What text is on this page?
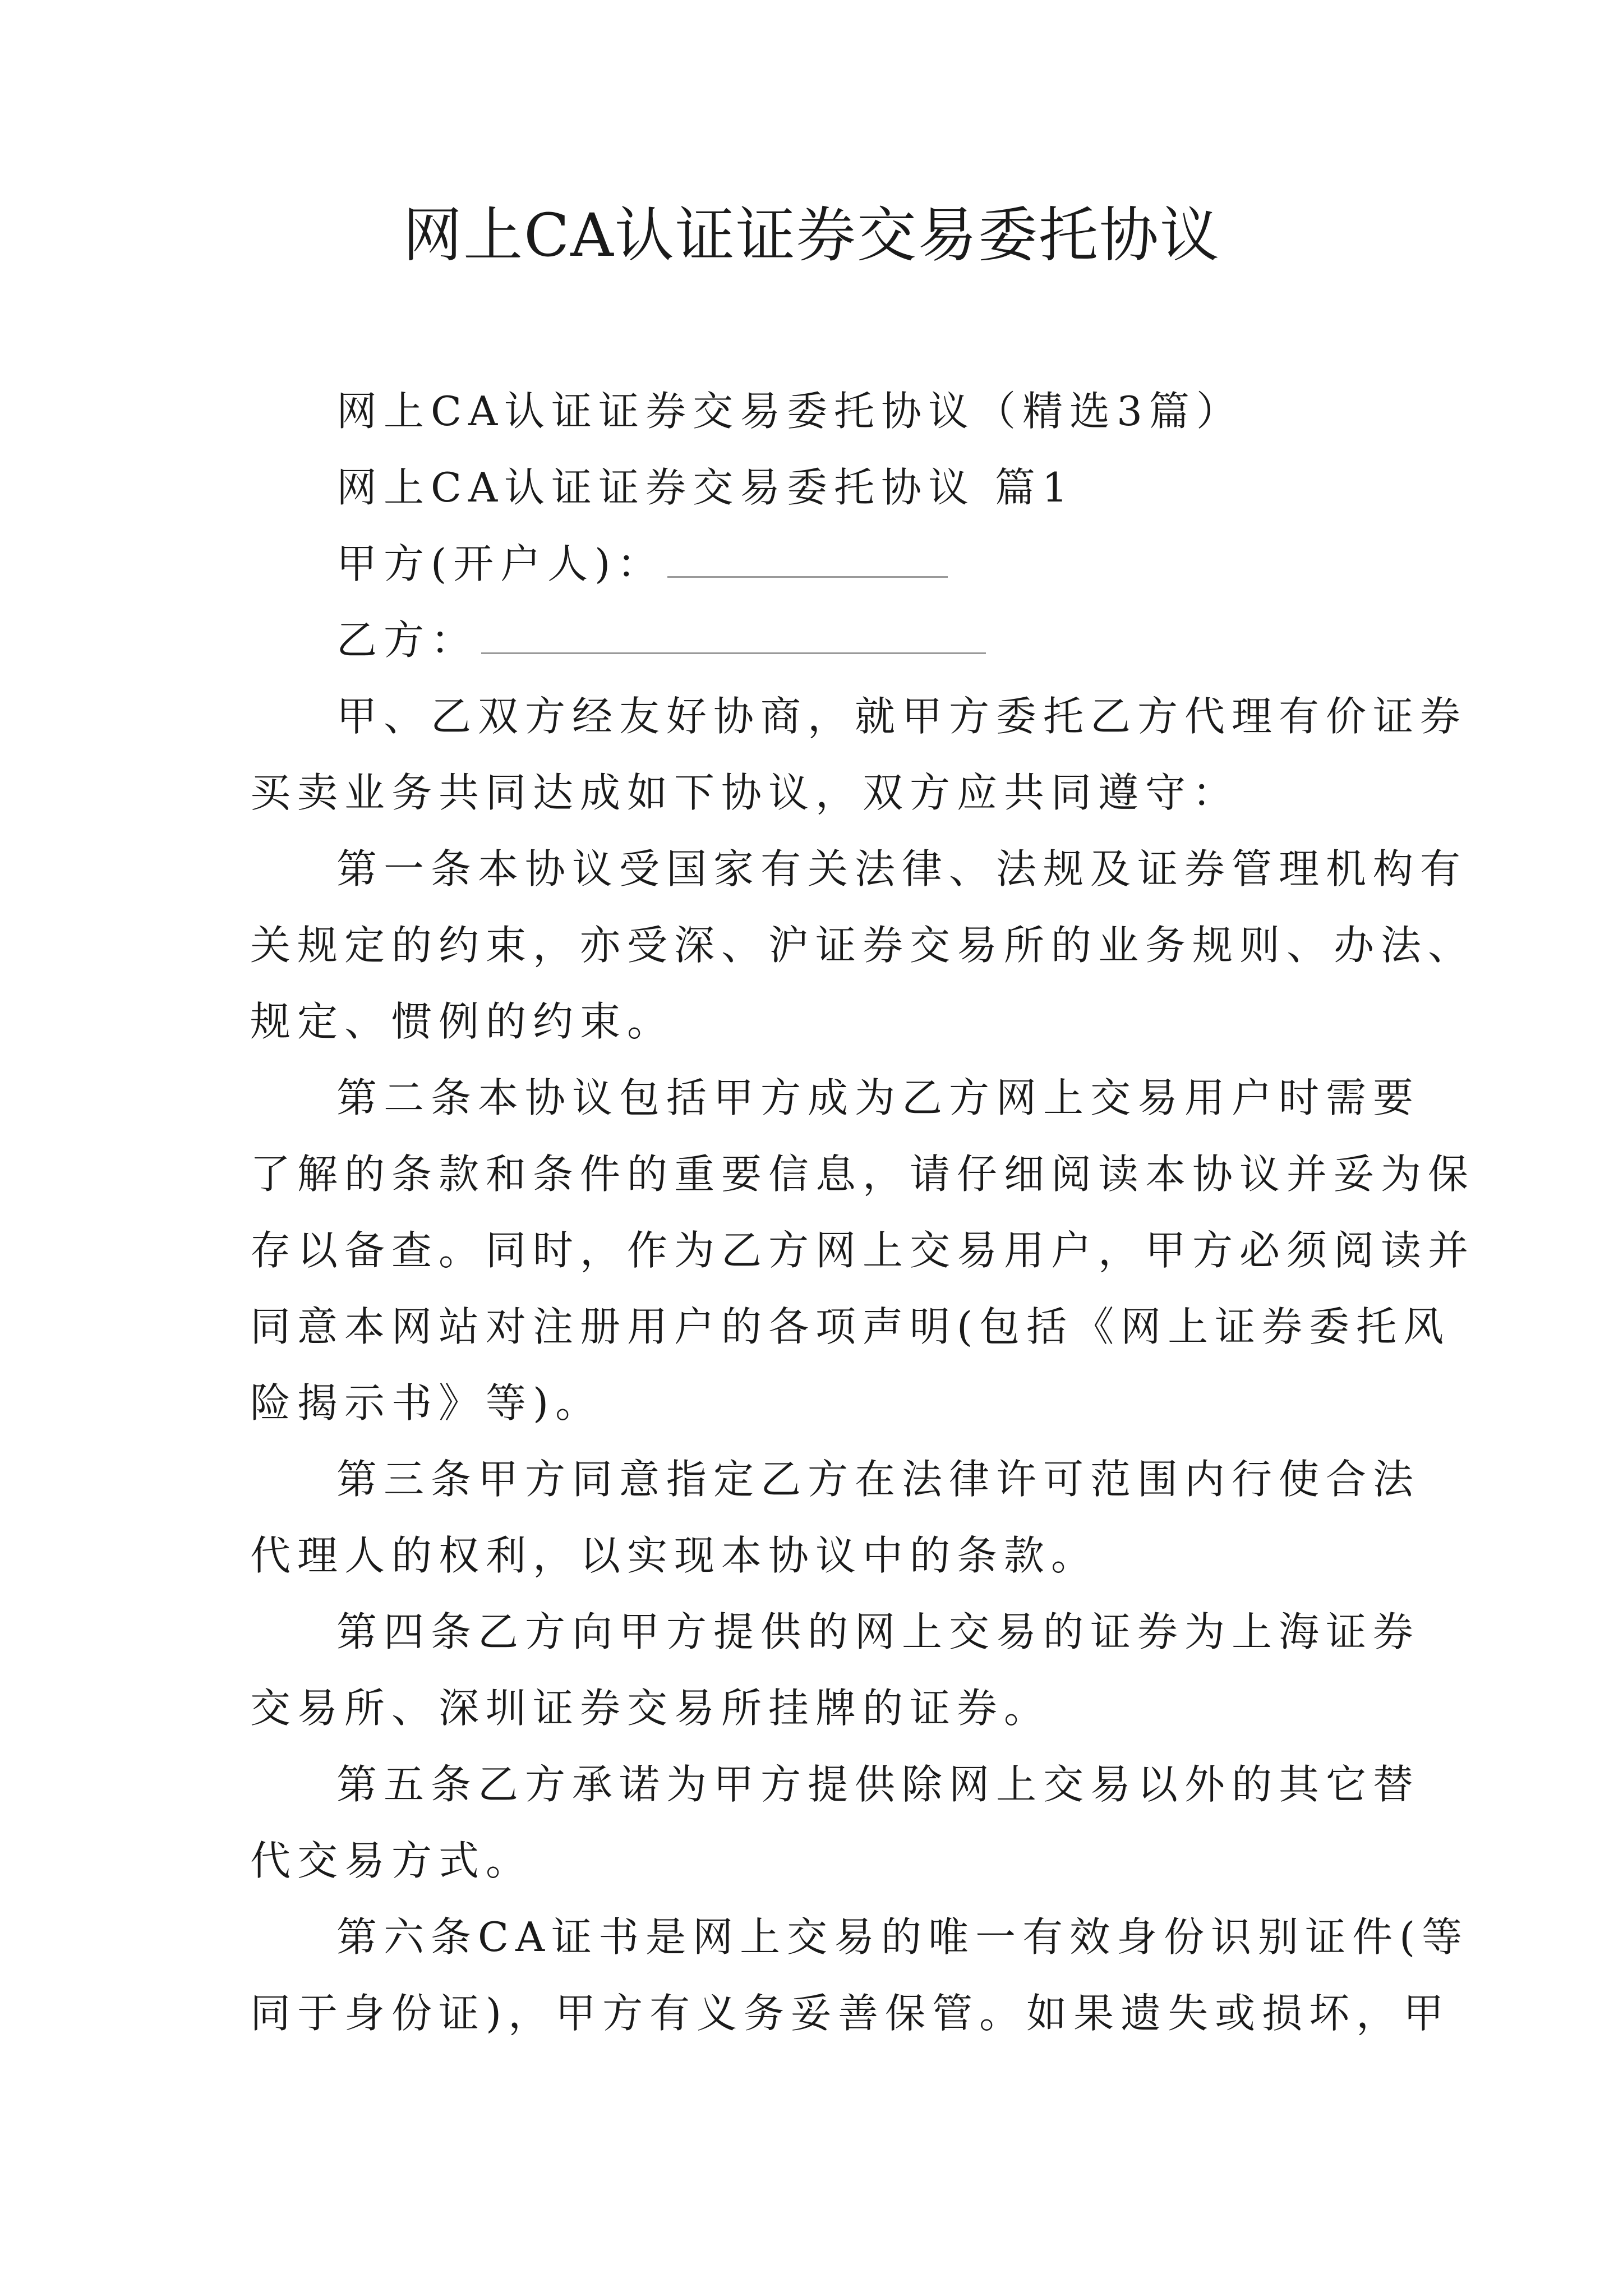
网上CA认证证券交易委托协议

网上CA认证证券交易委托协议（精选3篇）

网上CA认证证券交易委托协议 篇1

甲方(开户人)：

乙方：

甲、乙双方经友好协商，就甲方委托乙方代理有价证券

买卖业务共同达成如下协议，双方应共同遵守：

第一条本协议受国家有关法律、法规及证券管理机构有

关规定的约束，亦受深、沪证券交易所的业务规则、办法、

规定、惯例的约束。

第二条本协议包括甲方成为乙方网上交易用户时需要

了解的条款和条件的重要信息，请仔细阅读本协议并妥为保

存以备查。同时，作为乙方网上交易用户，甲方必须阅读并

同意本网站对注册用户的各项声明(包括《网上证券委托风

险揭示书》等)。

第三条甲方同意指定乙方在法律许可范围内行使合法

代理人的权利，以实现本协议中的条款。

第四条乙方向甲方提供的网上交易的证券为上海证券

交易所、深圳证券交易所挂牌的证券。

第五条乙方承诺为甲方提供除网上交易以外的其它替

代交易方式。

第六条CA证书是网上交易的唯一有效身份识别证件(等

同于身份证)，甲方有义务妥善保管。如果遗失或损坏，甲
